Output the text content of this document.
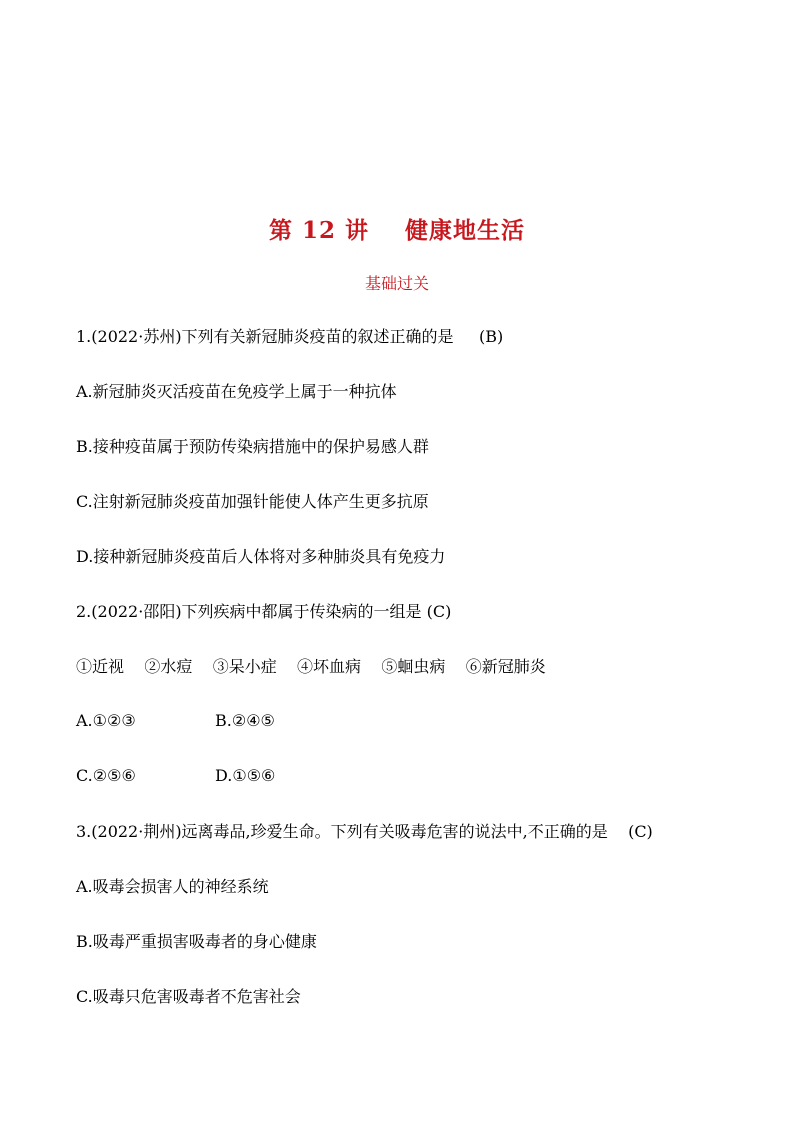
第 12 讲    健康地生活
基础过关
1.(2022·苏州)下列有关新冠肺炎疫苗的叙述正确的是     (B)
A.新冠肺炎灭活疫苗在免疫学上属于一种抗体
B.接种疫苗属于预防传染病措施中的保护易感人群
C.注射新冠肺炎疫苗加强针能使人体产生更多抗原
D.接种新冠肺炎疫苗后人体将对多种肺炎具有免疫力
2.(2022·邵阳)下列疾病中都属于传染病的一组是 (C)
①近视    ②水痘    ③呆小症    ④坏血病    ⑤蛔虫病    ⑥新冠肺炎
A.①②③	B.②④⑤
C.②⑤⑥	D.①⑤⑥
3.(2022·荆州)远离毒品,珍爱生命。下列有关吸毒危害的说法中,不正确的是    (C)
A.吸毒会损害人的神经系统
B.吸毒严重损害吸毒者的身心健康
C.吸毒只危害吸毒者不危害社会
